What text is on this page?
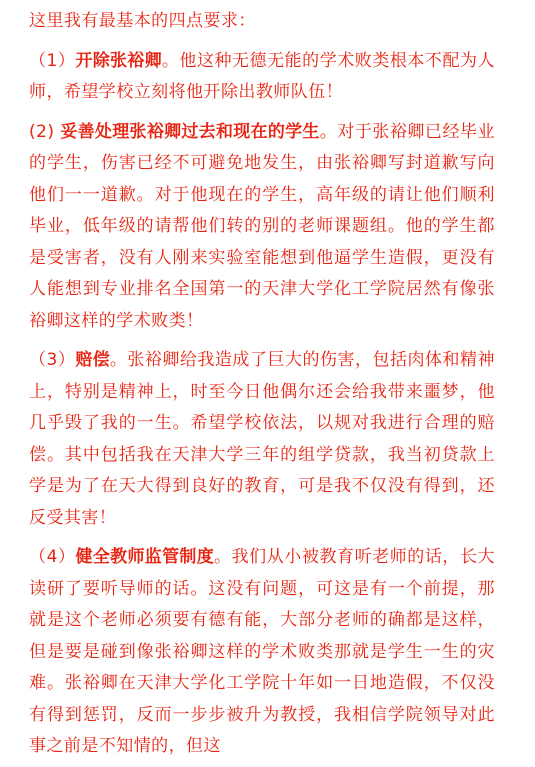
这里我有最基本的四点要求：

（1）开除张裕卿。他这种无德无能的学术败类根本不配为人师，希望学校立刻将他开除出教师队伍！

(2) 妥善处理张裕卿过去和现在的学生。对于张裕卿已经毕业的学生，伤害已经不可避免地发生，由张裕卿写封道歉写向他们一一道歉。对于他现在的学生，高年级的请让他们顺利毕业，低年级的请帮他们转的别的老师课题组。他的学生都是受害者，没有人刚来实验室能想到他逼学生造假，更没有人能想到专业排名全国第一的天津大学化工学院居然有像张裕卿这样的学术败类！

（3）赔偿。张裕卿给我造成了巨大的伤害，包括肉体和精神上，特别是精神上，时至今日他偶尔还会给我带来噩梦，他几乎毁了我的一生。希望学校依法，以规对我进行合理的赔偿。其中包括我在天津大学三年的组学贷款，我当初贷款上学是为了在天大得到良好的教育，可是我不仅没有得到，还反受其害！

（4）健全教师监管制度。我们从小被教育听老师的话，长大读研了要听导师的话。这没有问题，可这是有一个前提，那就是这个老师必须要有德有能，大部分老师的确都是这样，但是要是碰到像张裕卿这样的学术败类那就是学生一生的灾难。张裕卿在天津大学化工学院十年如一日地造假，不仅没有得到惩罚，反而一步步被升为教授，我相信学院领导对此事之前是不知情的，但这
